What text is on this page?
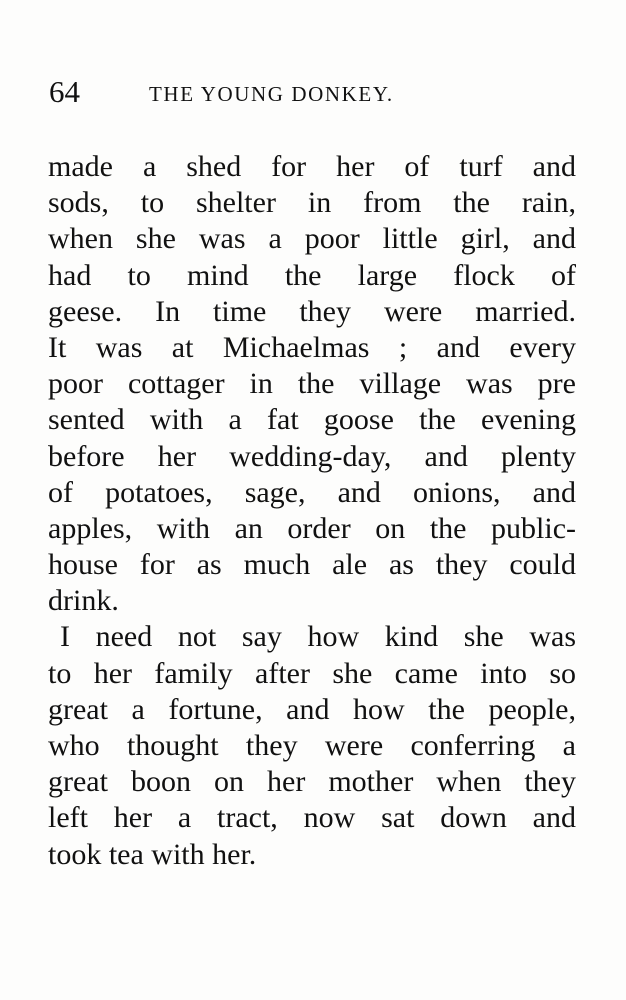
64	THE YOUNG DONKEY.
made a shed for her of turf and
sods, to shelter in from the rain,
when she was a poor little girl, and
had to mind the large flock of
geese. In time they were married.
It was at Michaelmas ; and every
poor cottager in the village was pre
sented with a fat goose the evening
before her wedding-day, and plenty
of potatoes, sage, and onions, and
apples, with an order on the public-
house for as much ale as they could
drink.
I need not say how kind she was
to her family after she came into so
great a fortune, and how the people,
who thought they were conferring a
great boon on her mother when they
left her a tract, now sat down and
took tea with her.
